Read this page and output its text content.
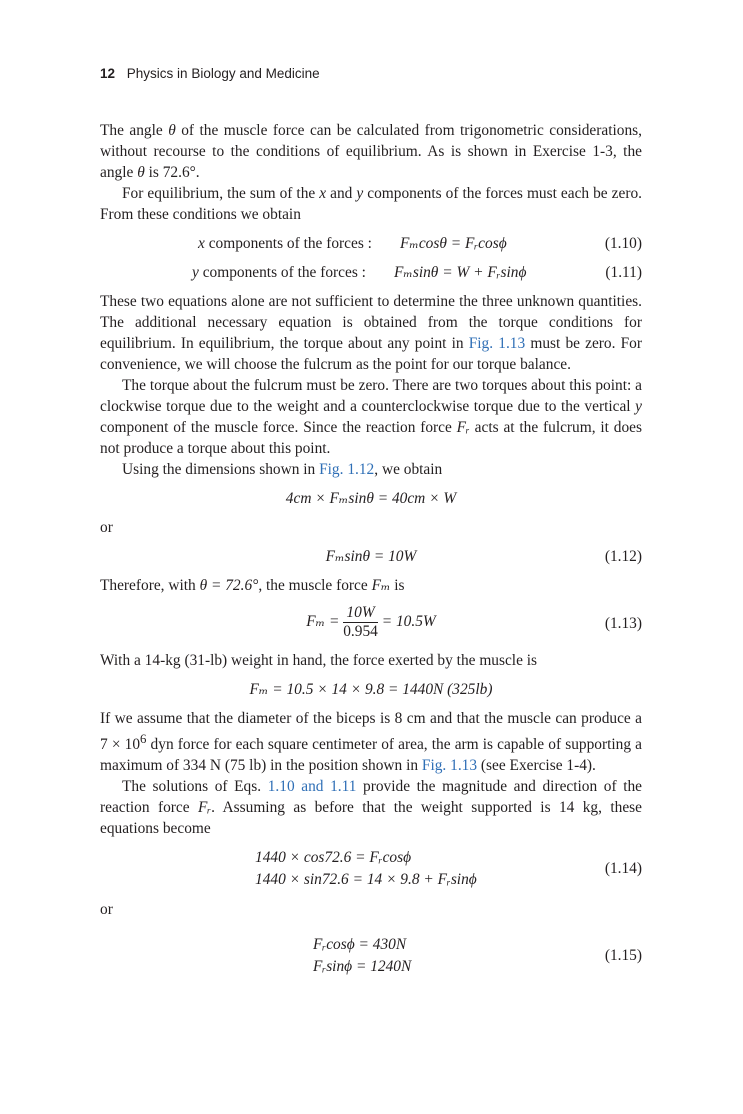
12 Physics in Biology and Medicine

The angle θ of the muscle force can be calculated from trigonometric considerations, without recourse to the conditions of equilibrium. As is shown in Exercise 1-3, the angle θ is 72.6°.

For equilibrium, the sum of the x and y components of the forces must each be zero. From these conditions we obtain

x components of the forces : Fₘcosθ = Fᵣcosϕ	(1.10)
y components of the forces : Fₘsinθ = W + Fᵣsinϕ	(1.11)

These two equations alone are not sufficient to determine the three unknown quantities. The additional necessary equation is obtained from the torque conditions for equilibrium. In equilibrium, the torque about any point in Fig. 1.13 must be zero. For convenience, we will choose the fulcrum as the point for our torque balance.

The torque about the fulcrum must be zero. There are two torques about this point: a clockwise torque due to the weight and a counterclockwise torque due to the vertical y component of the muscle force. Since the reaction force Fᵣ acts at the fulcrum, it does not produce a torque about this point.

Using the dimensions shown in Fig. 1.12, we obtain

4cm × Fₘsinθ = 40cm × W

or

Fₘsinθ = 10W	(1.12)

Therefore, with θ = 72.6°, the muscle force Fₘ is

$F_m = \frac{10W}{0.954} = 10.5W$	(1.13)

With a 14-kg (31-lb) weight in hand, the force exerted by the muscle is

Fₘ = 10.5 × 14 × 9.8 = 1440N (325lb)

If we assume that the diameter of the biceps is 8 cm and that the muscle can produce a $7 \times 10^6$ dyn force for each square centimeter of area, the arm is capable of supporting a maximum of 334 N (75 lb) in the position shown in Fig. 1.13 (see Exercise 1-4).

The solutions of Eqs. 1.10 and 1.11 provide the magnitude and direction of the reaction force Fᵣ. Assuming as before that the weight supported is 14 kg, these equations become

1440 × cos72.6 = Fᵣcosϕ
1440 × sin72.6 = 14 × 9.8 + Fᵣsinϕ
(1.14)

or

Fᵣcosϕ = 430N
Fᵣsinϕ = 1240N
(1.15)
